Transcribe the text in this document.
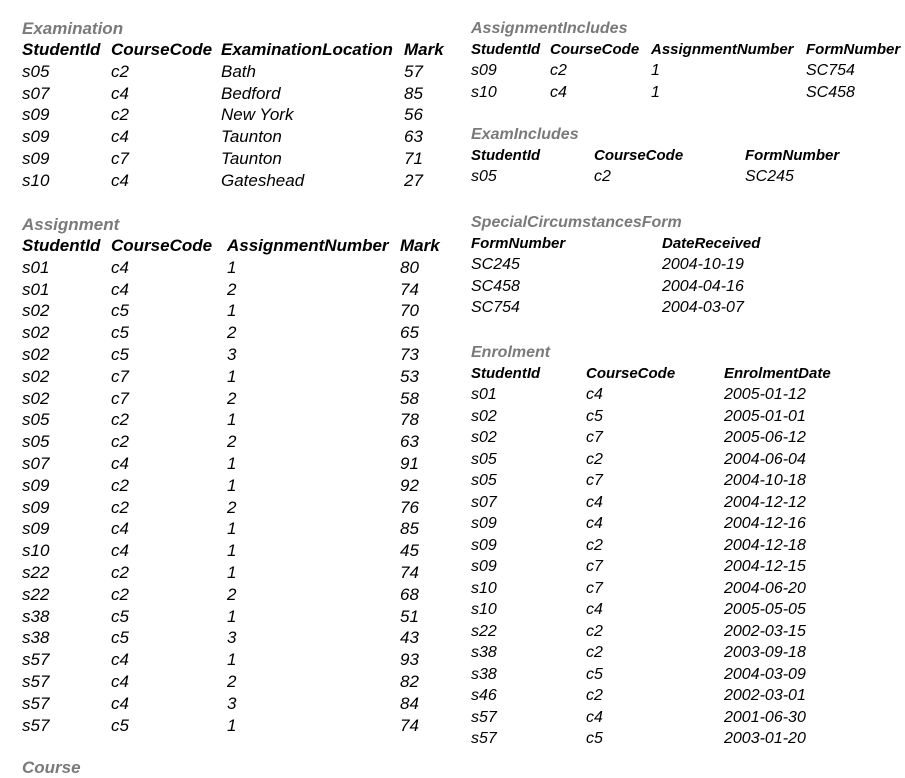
Examination
StudentId CourseCode ExaminationLocation Mark
s05	c2	Bath	57
s07	c4	Bedford	85
s09	c2	New York	56
s09	c4	Taunton	63
s09	c7	Taunton	71
s10	c4	Gateshead	27
Assignment
StudentId CourseCode AssignmentNumber Mark
s01	c4	1	80
s01	c4	2	74
s02	c5	1	70
s02	c5	2	65
s02	c5	3	73
s02	c7	1	53
s02	c7	2	58
s05	c2	1	78
s05	c2	2	63
s07	c4	1	91
s09	c2	1	92
s09	c2	2	76
s09	c4	1	85
s10	c4	1	45
s22	c2	1	74
s22	c2	2	68
s38	c5	1	51
s38	c5	3	43
s57	c4	1	93
s57	c4	2	82
s57	c4	3	84
s57	c5	1	74
Course
AssignmentIncludes
StudentId CourseCode AssignmentNumber FormNumber
s09	c2	1	SC754
s10	c4	1	SC458
ExamIncludes
StudentId	CourseCode	FormNumber
s05	c2	SC245
SpecialCircumstancesForm
FormNumber	DateReceived
SC245	2004-10-19
SC458	2004-04-16
SC754	2004-03-07
Enrolment
StudentId	CourseCode	EnrolmentDate
s01	c4	2005-01-12
s02	c5	2005-01-01
s02	c7	2005-06-12
s05	c2	2004-06-04
s05	c7	2004-10-18
s07	c4	2004-12-12
s09	c4	2004-12-16
s09	c2	2004-12-18
s09	c7	2004-12-15
s10	c7	2004-06-20
s10	c4	2005-05-05
s22	c2	2002-03-15
s38	c2	2003-09-18
s38	c5	2004-03-09
s46	c2	2002-03-01
s57	c4	2001-06-30
s57	c5	2003-01-20
